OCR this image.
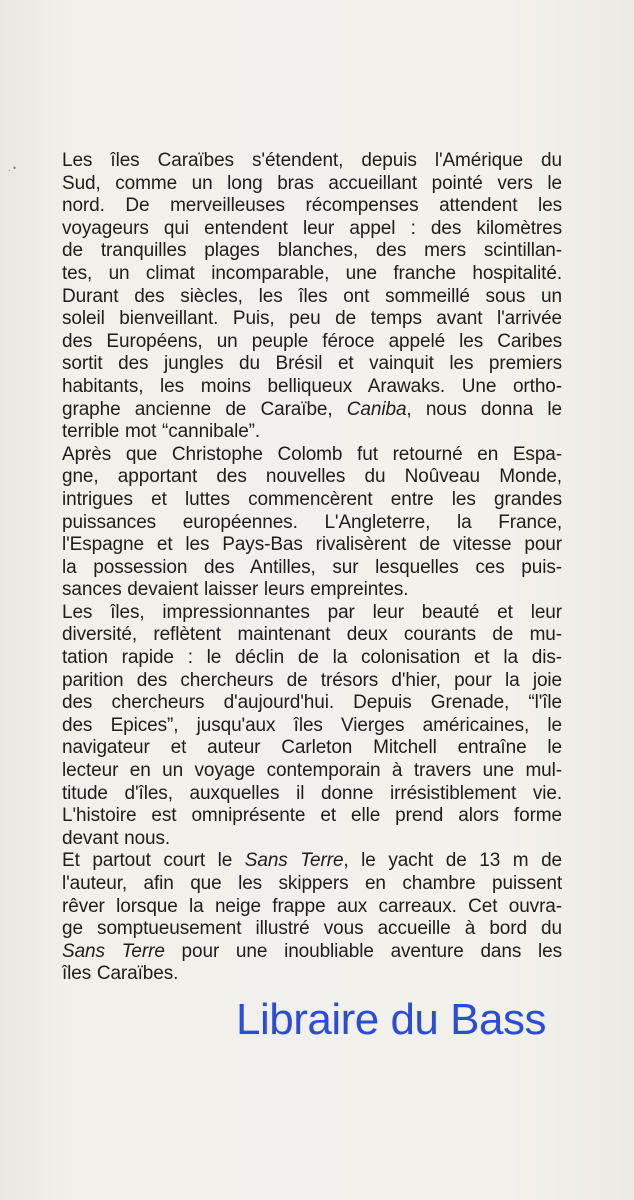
. • Les îles Caraïbes s'étendent, depuis l'Amérique du
Sud, comme un long bras accueillant pointé vers le
nord. De merveilleuses récompenses attendent les
voyageurs qui entendent leur appel : des kilomètres
de tranquilles plages blanches, des mers scintillan-
tes, un climat incomparable, une franche hospitalité.
Durant des siècles, les îles ont sommeillé sous un
soleil bienveillant. Puis, peu de temps avant l'arrivée
des Européens, un peuple féroce appelé les Caribes
sortit des jungles du Brésil et vainquit les premiers
habitants, les moins belliqueux Arawaks. Une ortho-
graphe ancienne de Caraïbe, Caniba, nous donna le
terrible mot “cannibale”.

Après que Christophe Colomb fut retourné en Espa-
gne, apportant des nouvelles du Noûveau Monde,
intrigues et luttes commencèrent entre les grandes
puissances européennes. L'Angleterre, la France,
l'Espagne et les Pays-Bas rivalisèrent de vitesse pour
la possession des Antilles, sur lesquelles ces puis-
sances devaient laisser leurs empreintes.

Les îles, impressionnantes par leur beauté et leur
diversité, reflètent maintenant deux courants de mu-
tation rapide : le déclin de la colonisation et la dis-
parition des chercheurs de trésors d'hier, pour la joie
des chercheurs d'aujourd'hui. Depuis Grenade, “l'île
des Epices”, jusqu'aux îles Vierges américaines, le
navigateur et auteur Carleton Mitchell entraîne le
lecteur en un voyage contemporain à travers une mul-
titude d'îles, auxquelles il donne irrésistiblement vie.
L'histoire est omniprésente et elle prend alors forme
devant nous.

Et partout court le Sans Terre, le yacht de 13 m de
l'auteur, afin que les skippers en chambre puissent
rêver lorsque la neige frappe aux carreaux. Cet ouvra-
ge somptueusement illustré vous accueille à bord du
Sans Terre pour une inoubliable aventure dans les
îles Caraïbes.

Libraire du Bass
